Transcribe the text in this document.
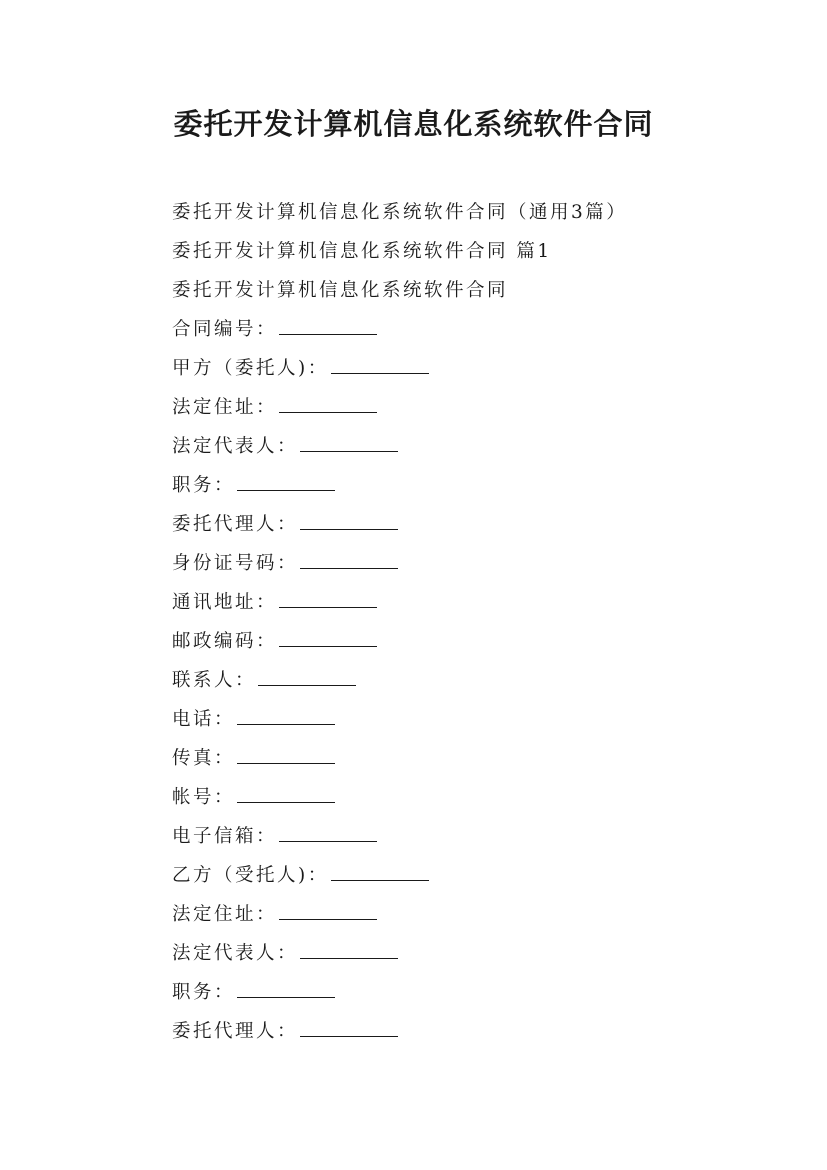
委托开发计算机信息化系统软件合同
委托开发计算机信息化系统软件合同（通用3篇）
委托开发计算机信息化系统软件合同 篇1
委托开发计算机信息化系统软件合同
合同编号：
甲方（委托人)：
法定住址：
法定代表人：
职务：
委托代理人：
身份证号码：
通讯地址：
邮政编码：
联系人：
电话：
传真：
帐号：
电子信箱：
乙方（受托人)：
法定住址：
法定代表人：
职务：
委托代理人：
